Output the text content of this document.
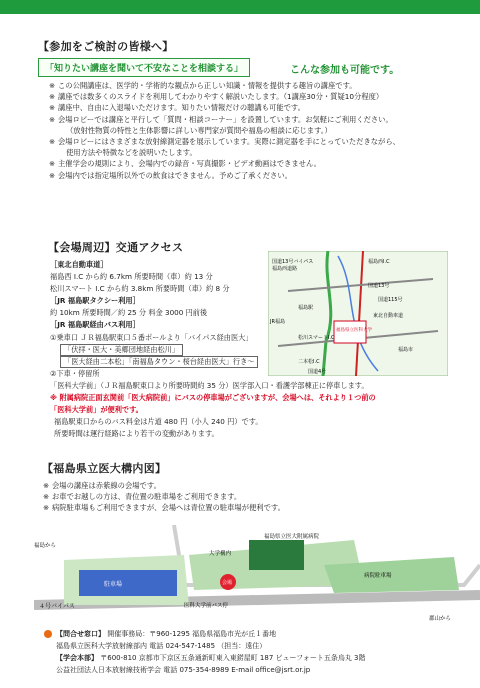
【参加をご検討の皆様へ】
「知りたい講座を聞いて不安なことを相談する」	こんな参加も可能です。
※ この公開講座は、医学的・学術的な観点から正しい知識・情報を提供する趣旨の講座です。
※ 講座では数多くのスライドを利用してわかりやすく解説いたします。（1講座30分・質疑10分程度）
※ 講座中、自由に入退場いただけます。知りたい情報だけの聴講も可能です。
※ 会場ロビーでは講座と平行して「質問・相談コーナー」を設置しています。お気軽にご利用ください。
（放射性物質の特性と生体影響に詳しい専門家が質問や福島の相談に応じます。）
※ 会場ロビーにはさまざまな放射線測定器を展示しています。実際に測定器を手にとっていただきながら、
使用方法や特徴などを説明いたします。
※ 主催学会の規則により、会場内での録音・写真撮影・ビデオ動画はできません。
※ 会場内では指定場所以外での飲食はできません。予めご了承ください。
【会場周辺】交通アクセス
［東北自動車道］
福島西 I.C から約 6.7km 所要時間（車）約 13 分
松川スマート I.C から約 3.8km 所要時間（車）約 8 分
［JR 福島駅タクシー利用］
約 10km 所要時間／約 25 分 料金 3000 円前後
［JR 福島駅経由バス利用］
①乗車口 ＪＲ福島駅東口５番ポールより「バイパス経由医大」
「伏拝・医大・美郷団地経由松川」
「医大経由二本松」「南福島タウン・桜台経由医大」行き～
②下車・停留所
「医科大学前」（ＪＲ福島駅東口より所要時間約 35 分）医学部入口・看護学部棟正に停車します。
※ 附属病院正面玄関前「医大病院前」にバスの停車場がございますが、会場へは、それより１つ前の
「医科大学前」が便利です。
福島駅東口からのバス料金は片道 480 円（小人 240 円）です。
所要時間は運行経路により若干の変動があります。
国道13号バイパス
福島西道路
福島西I.C
国道13号
国道115号
福島駅
JR福島
松川スマートI.C
二本松I.C
福島県立医科大学
福島市
東北自動車道
国道4号
【福島県立医大構内図】
※ 会場の講座は赤紫線の会場です。
※ お車でお越しの方は、青位置の駐車場をご利用できます。
※ 病院駐車場もご利用できますが、会場へは青位置の駐車場が便利です。
福島から
駐車場	会場
福島県立医大附属病院
大学構内
病院駐車場
４号バイパス	医科大学前バス停
郡山から
【問合せ窓口】 開催事務局：〒960-1295 福島県福島市光が丘１番地
福島県立医科大学放射線部内 電話 024-547-1485 （担当：遠住）
【学会本部】 〒600-810 京都市下京区五条通新町東入東錺屋町 187 ビューフォート五条烏丸 3階
公益社団法人日本放射線技術学会 電話 075-354-8989 E-mail office@jsrt.or.jp
